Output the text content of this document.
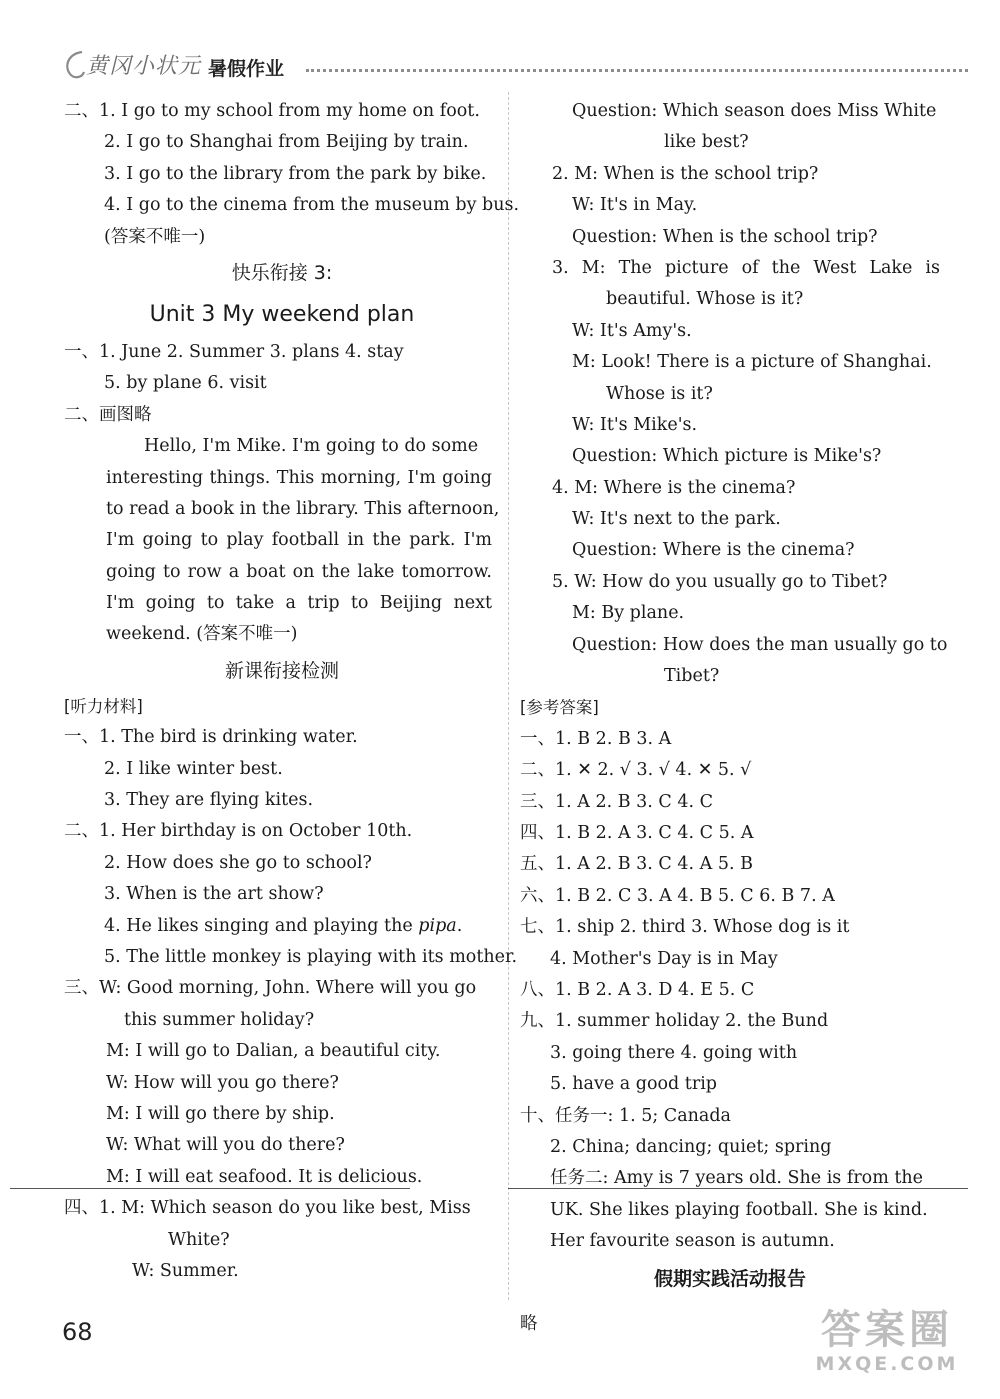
黄冈小状元 暑假作业
二、1. I go to my school from my home on foot.
2. I go to Shanghai from Beijing by train.
3. I go to the library from the park by bike.
4. I go to the cinema from the museum by bus.
(答案不唯一)
快乐衔接 3:
Unit 3 My weekend plan
一、1. June 2. Summer 3. plans 4. stay
5. by plane 6. visit
二、画图略
Hello, I'm Mike. I'm going to do some
interesting things. This morning, I'm going
to read a book in the library. This afternoon,
I'm going to play football in the park. I'm
going to row a boat on the lake tomorrow.
I'm going to take a trip to Beijing next
weekend. (答案不唯一)
新课衔接检测
[听力材料]
一、1. The bird is drinking water.
2. I like winter best.
3. They are flying kites.
二、1. Her birthday is on October 10th.
2. How does she go to school?
3. When is the art show?
4. He likes singing and playing the pipa.
5. The little monkey is playing with its mother.
三、W: Good morning, John. Where will you go
this summer holiday?
M: I will go to Dalian, a beautiful city.
W: How will you go there?
M: I will go there by ship.
W: What will you do there?
M: I will eat seafood. It is delicious.
四、1. M: Which season do you like best, Miss
White?
W: Summer.
Question: Which season does Miss White
like best?
2. M: When is the school trip?
W: It's in May.
Question: When is the school trip?
3. M: The picture of the West Lake is
beautiful. Whose is it?
W: It's Amy's.
M: Look! There is a picture of Shanghai.
Whose is it?
W: It's Mike's.
Question: Which picture is Mike's?
4. M: Where is the cinema?
W: It's next to the park.
Question: Where is the cinema?
5. W: How do you usually go to Tibet?
M: By plane.
Question: How does the man usually go to
Tibet?
[参考答案]
一、1. B 2. B 3. A
二、1. ✕ 2. √ 3. √ 4. ✕ 5. √
三、1. A 2. B 3. C 4. C
四、1. B 2. A 3. C 4. C 5. A
五、1. A 2. B 3. C 4. A 5. B
六、1. B 2. C 3. A 4. B 5. C 6. B 7. A
七、1. ship 2. third 3. Whose dog is it
4. Mother's Day is in May
八、1. B 2. A 3. D 4. E 5. C
九、1. summer holiday 2. the Bund
3. going there 4. going with
5. have a good trip
十、任务一: 1. 5; Canada
2. China; dancing; quiet; spring
任务二: Amy is 7 years old. She is from the
UK. She likes playing football. She is kind.
Her favourite season is autumn.
假期实践活动报告
略
68	答案圈
MXQE.COM
